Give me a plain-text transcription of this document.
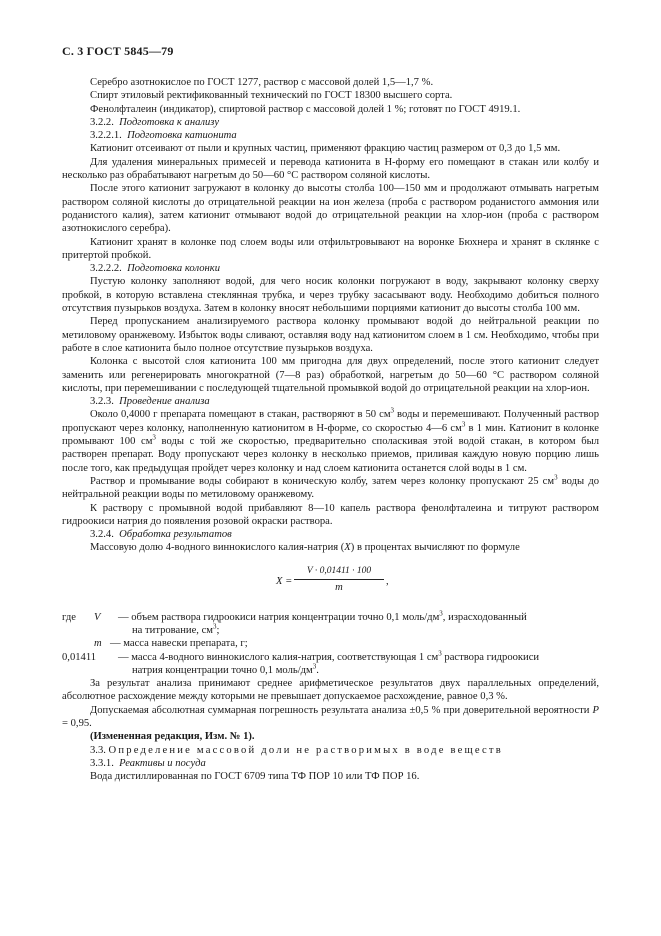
С. 3 ГОСТ 5845—79

Серебро азотнокислое по ГОСТ 1277, раствор с массовой долей 1,5—1,7 %.

Спирт этиловый ректификованный технический по ГОСТ 18300 высшего сорта.

Фенолфталеин (индикатор), спиртовой раствор с массовой долей 1 %; готовят по ГОСТ 4919.1.

3.2.2. Подготовка к анализу

3.2.2.1. Подготовка катионита

Катионит отсеивают от пыли и крупных частиц, применяют фракцию частиц размером от 0,3 до 1,5 мм.

Для удаления минеральных примесей и перевода катионита в Н-форму его помещают в стакан или колбу и несколько раз обрабатывают нагретым до 50—60 °С раствором соляной кислоты.

После этого катионит загружают в колонку до высоты столба 100—150 мм и продолжают отмывать нагретым раствором соляной кислоты до отрицательной реакции на ион железа (проба с раствором роданистого аммония или роданистого калия), затем катионит отмывают водой до отрицательной реакции на хлор-ион (проба с раствором азотнокислого серебра).

Катионит хранят в колонке под слоем воды или отфильтровывают на воронке Бюхнера и хранят в склянке с притертой пробкой.

3.2.2.2. Подготовка колонки

Пустую колонку заполняют водой, для чего носик колонки погружают в воду, закрывают колонку сверху пробкой, в которую вставлена стеклянная трубка, и через трубку засасывают воду. Необходимо добиться полного отсутствия пузырьков воздуха. Затем в колонку вносят небольшими порциями катионит до высоты столба 100 мм.

Перед пропусканием анализируемого раствора колонку промывают водой до нейтральной реакции по метиловому оранжевому. Избыток воды сливают, оставляя воду над катионитом слоем в 1 см. Необходимо, чтобы при работе в слое катионита было полное отсутствие пузырьков воздуха.

Колонка с высотой слоя катионита 100 мм пригодна для двух определений, после этого катионит следует заменить или регенерировать многократной (7—8 раз) обработкой, нагретым до 50—60 °С раствором соляной кислоты, при перемешивании с последующей тщательной промывкой водой до отрицательной реакции на хлор-ион.

3.2.3. Проведение анализа

Около 0,4000 г препарата помещают в стакан, растворяют в 50 $см^3$ воды и перемешивают. Полученный раствор пропускают через колонку, наполненную катионитом в Н-форме, со скоростью 4—6 $см^3$ в 1 мин. Катионит в колонке промывают 100 $см^3$ воды с той же скоростью, предварительно споласкивая этой водой стакан, в котором был растворен препарат. Воду пропускают через колонку в несколько приемов, приливая каждую новую порцию лишь после того, как предыдущая пройдет через колонку и над слоем катионита останется слой воды в 1 см.

Раствор и промывание воды собирают в коническую колбу, затем через колонку пропускают 25 $см^3$ воды до нейтральной реакции воды по метиловому оранжевому.

К раствору с промывной водой прибавляют 8—10 капель раствора фенолфталеина и титруют раствором гидроокиси натрия до появления розовой окраски раствора.

3.2.4. Обработка результатов

Массовую долю 4-водного виннокислого калия-натрия (X) в процентах вычисляют по формуле

$X = \frac{V \cdot 0,01411 \cdot 100}{m}$ ,
где V — объем раствора гидроокиси натрия концентрации точно 0,1 моль/$дм^3$, израсходованный
на титрование, $см^3$;
m — масса навески препарата, г;
0,01411 — масса 4-водного виннокислого калия-натрия, соответствующая 1 $см^3$ раствора гидроокиси
натрия концентрации точно 0,1 моль/$дм^3$.

За результат анализа принимают среднее арифметическое результатов двух параллельных определений, абсолютное расхождение между которыми не превышает допускаемое расхождение, равное 0,3 %.

Допускаемая абсолютная суммарная погрешность результата анализа ±0,5 % при доверительной вероятности P = 0,95.

(Измененная редакция, Изм. № 1).

3.3. Определение массовой доли не растворимых в воде веществ

3.3.1. Реактивы и посуда

Вода дистиллированная по ГОСТ 6709 типа ТФ ПОР 10 или ТФ ПОР 16.
